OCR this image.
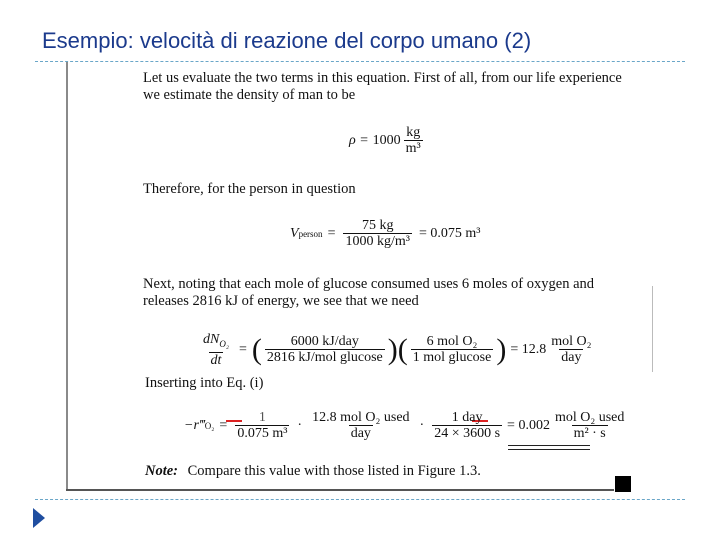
Esempio: velocità di reazione del corpo umano (2)
Let us evaluate the two terms in this equation. First of all, from our life experience
we estimate the density of man to be
$\rho = 1000 \frac{kg}{\text{m³}}$
Therefore, for the person in question
V person = $\frac{75 kg}{\text{1000 kg/m³}} = 0.075$ m³
Next, noting that each mole of glucose consumed uses 6 moles of oxygen and
releases 2816 kJ of energy, we see that we need
$\frac{dN_{O_2}}{dt}$ = ( $\frac{\text{6000 kJ/day}}{\text{2816 kJ/mol glucose}}$ ) ( $\frac{\text{6 mol O₂}}{\text{1 mol glucose}}$ ) = $12.8 \frac{\text{mol O₂}}{\text{day}}$
Inserting into Eq. (i)
−r‴ $O_2 = \frac{1}{\text{0.075 m³}} \cdot \frac{\text{12.8 mol O₂ used}}{\text{day}} \cdot \frac{\text{1 day}}{24 \times 3600 s} = 0.002 \frac{\text{mol O₂ used}}{\text{m² · s}}$
Note: Compare this value with those listed in Figure 1.3.
